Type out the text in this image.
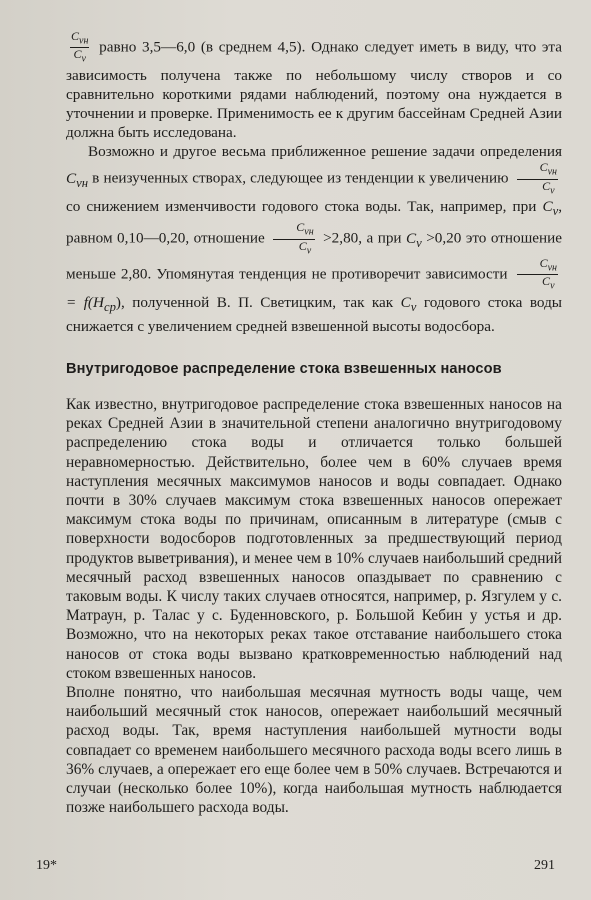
$\frac{C_{vн}}{C_v}$ равно 3,5—6,0 (в среднем 4,5). Однако следует иметь в виду, что эта зависимость получена также по небольшому числу створов и со сравнительно короткими рядами наблюдений, поэтому она нуждается в уточнении и проверке. Применимость ее к другим бассейнам Средней Азии должна быть исследована.

Возможно и другое весьма приближенное решение задачи определения $C_{vн}$ в неизученных створах, следующее из тенденции к увеличению $\frac{C_{vн}}{C_v}$
со снижением изменчивости годового стока воды. Так, например, при $C_v$, равном 0,10—0,20, отношение $\frac{C_{vн}}{C_v} >2,80$, а при $C_v >0,20$ это отношение меньше 2,80. Упомянутая тенденция не противоречит зависимости $\frac{C_{vн}}{C_v}$
= $f(H_{ср})$, полученной В. П. Светицким, так как $C_v$ годового стока воды снижается с увеличением средней взвешенной высоты водосбора.

Внутригодовое распределение стока взвешенных наносов

Как известно, внутригодовое распределение стока взвешенных наносов на реках Средней Азии в значительной степени аналогично внутригодовому распределению стока воды и отличается только большей неравномерностью. Действительно, более чем в 60% случаев время наступления месячных максимумов наносов и воды совпадает. Однако почти в 30% случаев максимум стока взвешенных наносов опережает максимум стока воды по причинам, описанным в литературе (смыв с поверхности водосборов подготовленных за предшествующий период продуктов выветривания), и менее чем в 10% случаев наибольший средний месячный расход взвешенных наносов опаздывает по сравнению с таковым воды. К числу таких случаев относятся, например, р. Язгулем у с. Матраун, р. Талас у с. Буденновского, р. Большой Кебин у устья и др. Возможно, что на некоторых реках такое отставание наибольшего стока наносов от стока воды вызвано кратковременностью наблюдений над стоком взвешенных наносов.

Вполне понятно, что наибольшая месячная мутность воды чаще, чем наибольший месячный сток наносов, опережает наибольший месячный расход воды. Так, время наступления наибольшей мутности воды совпадает со временем наибольшего месячного расхода воды всего лишь в 36% случаев, а опережает его еще более чем в 50% случаев. Встречаются и случаи (несколько более 10%), когда наибольшая мутность наблюдается позже наибольшего расхода воды.

19*	291
